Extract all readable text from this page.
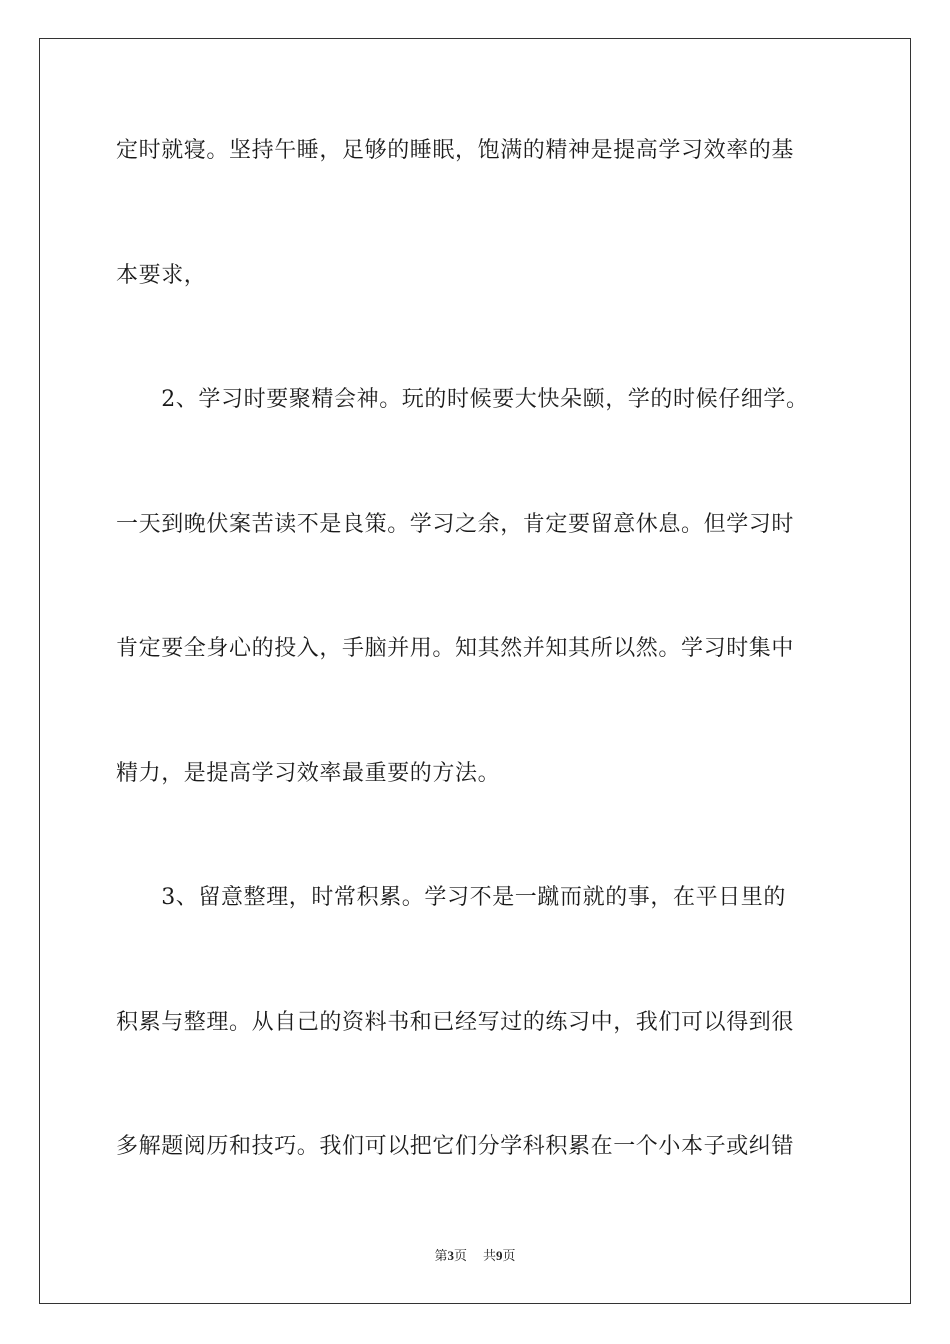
定时就寝。坚持午睡，足够的睡眠，饱满的精神是提高学习效率的基
本要求，
　　2、学习时要聚精会神。玩的时候要大快朵颐，学的时候仔细学。
一天到晚伏案苦读不是良策。学习之余，肯定要留意休息。但学习时
肯定要全身心的投入，手脑并用。知其然并知其所以然。学习时集中
精力，是提高学习效率最重要的方法。
　　3、留意整理，时常积累。学习不是一蹴而就的事，在平日里的
积累与整理。从自己的资料书和已经写过的练习中，我们可以得到很
多解题阅历和技巧。我们可以把它们分学科积累在一个小本子或纠错
第3页 共9页
